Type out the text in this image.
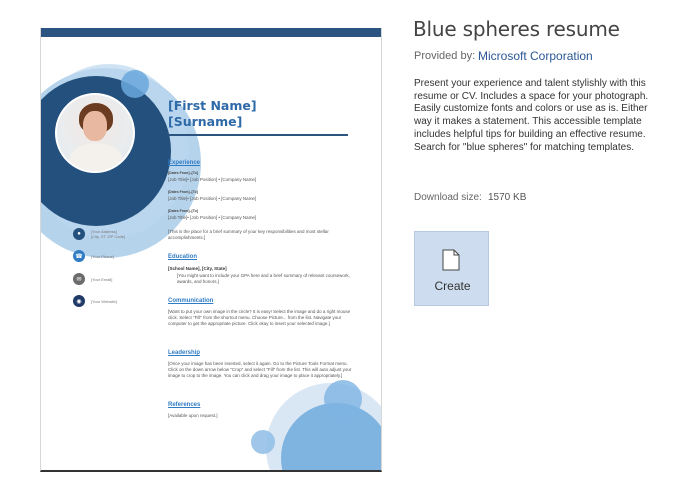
[First Name]
[Surname]
●	[Your Address]
[City, ST ZIP Code]
☎	[Your Phone]
✉	[Your Email]
◉	[Your Website]
Experience
[Dates From]–[To]
[Job Title]• [Job Position] • [Company Name]
[Dates From]–[To]
[Job Title]• [Job Position] • [Company Name]
[Dates From]–[To]
[Job Title]• [Job Position] • [Company Name]
[This is the place for a brief summary of your key responsibilities and most stellar accomplishments.]
Education
[School Name], [City, State]
[You might want to include your GPA here and a brief summary of relevant coursework, awards, and honors.]
Communication
[Want to put your own image in the circle? It is easy! Select the image and do a right mouse click. Select "Fill" from the shortcut menu. Choose Picture... from the list. Navigate your computer to get the appropriate picture. Click okay to insert your selected image.]
Leadership
[Once your image has been inserted, select it again. Go to the Picture Tools Format menu. Click on the down arrow below "Crop" and select "Fill" from the list. This will auto adjust your image to crop to the image. You can click and drag your image to place it appropriately.]
References
[Available upon request.]
Blue spheres resume
Provided by: Microsoft Corporation
Present your experience and talent stylishly with this resume or CV. Includes a space for your photograph. Easily customize fonts and colors or use as is. Either way it makes a statement. This accessible template includes helpful tips for building an effective resume. Search for "blue spheres" for matching templates.
Download size: 1570 KB
Create
